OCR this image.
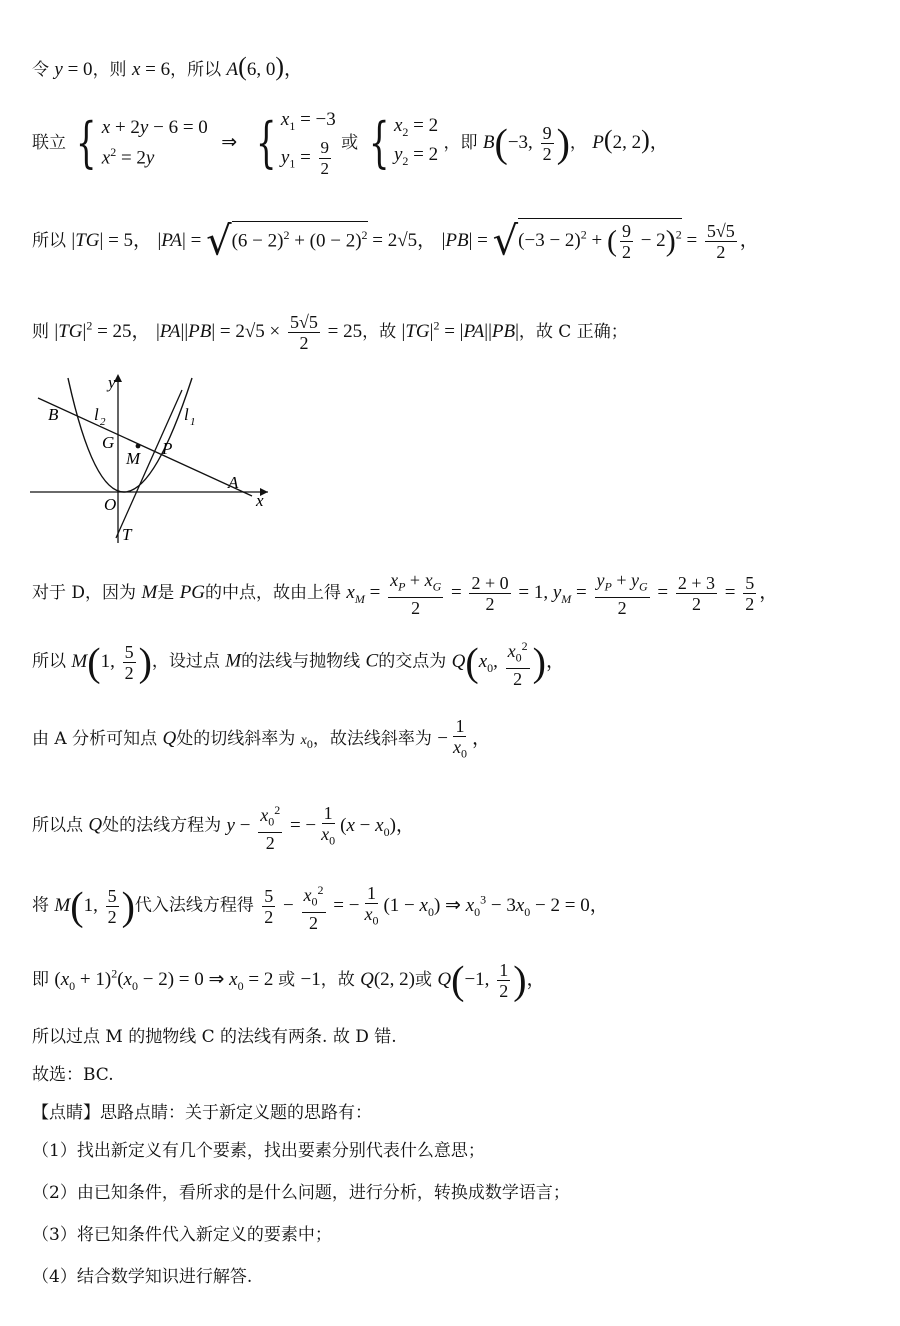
令 y = 0，则 x = 6，所以 A(6, 0)，
联立 { x + 2y − 6 = 0
$x^2 = 2y$
⇒ { $x_1 = -3$
$y_1 = \frac{9}{2}$ 或 { $x_2 = 2$
$y_2 = 2$
，即 B(−3, $\frac{9}{2}$ )， P(2, 2)，
所以 |TG| = 5， $|PA| = √(6 - 2)^2 + (0 - 2)^2 = 2√5$， $|PB| = √(-3 - 2)^2$ + ( $\frac{9}{2} - 2)^2 = \frac{5√5}{2}$ ，
则 $|TG|^2 = 25$， $|PA||PB| = 2√5 \times \frac{5√5}{2} = 25$，故 $|TG|^2 = |PA||PB|$，故 C 正确；
y
x
B l 2	l 1
G
M
P
A
O
T
对于 D，因为 M是 PG的中点，故由上得 $x_M = \frac{x_P + x_G}{2} = \frac{2 + 0}{2} = 1$, $y_M = \frac{y_P + y_G}{2} = \frac{2 + 3}{2} = \frac{5}{2}$ ，
所以 M(1, $\frac{5}{2}$ )，设过点 M的法线与抛物线 C的交点为 $Q(x_0$, $\frac{x_0^2}{2}$ )，
由 A 分析可知点 Q处的切线斜率为 $x_0$，故法线斜率为 − $\frac{1}{x_0}$ ，
所以点 Q处的法线方程为 $y - \frac{x_0^2}{2}$ = − $\frac{1}{x_0} (x - x_0)$，
将 M(1, $\frac{5}{2}$ )代入法线方程得 $\frac{5}{2} - \frac{x_0^2}{2}$ = − $\frac{1}{x_0} (1 - x_0)$ ⇒ $x_0^3 - 3x_0 - 2 = 0$，
即 $(x_0 + 1)^2(x_0 - 2) = 0$ ⇒ $x_0 = 2$ 或 −1，故 Q(2, 2)或 Q(−1, $\frac{1}{2}$ )，
所以过点 M 的抛物线 C 的法线有两条. 故 D 错.
故选：BC.
【点睛】思路点睛：关于新定义题的思路有：
（1）找出新定义有几个要素，找出要素分别代表什么意思；
（2）由已知条件，看所求的是什么问题，进行分析，转换成数学语言；
（3）将已知条件代入新定义的要素中；
（4）结合数学知识进行解答.
